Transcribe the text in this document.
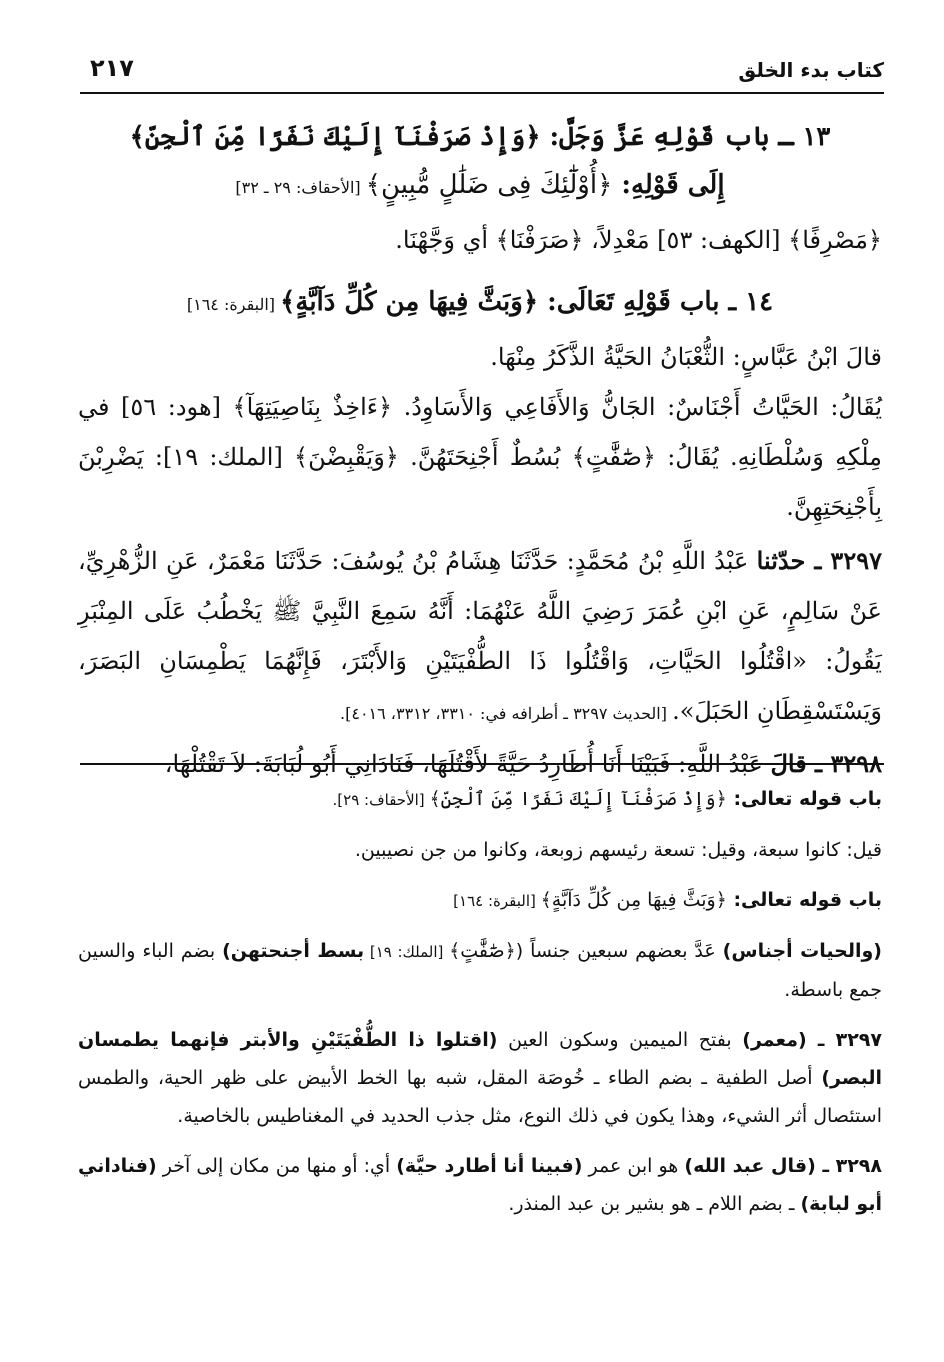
كتاب بدء الخلق
٢١٧

١٣ ـ باب قَوْلِهِ عَزَّ وَجَلَّ: ﴿وَإِذْ صَرَفْنَآ إِلَيْكَ نَفَرًا مِّنَ ٱلْجِنِّ﴾

إِلَى قَوْلِهِ: ﴿أُوْلَٰٓئِكَ فِى ضَلَٰلٍ مُّبِينٍ﴾ [الأحقاف: ٢٩ ـ ٣٢]

﴿مَصْرِفًا﴾ [الكهف: ٥٣] مَعْدِلاً، ﴿صَرَفْنَا﴾ أي وَجَّهْنَا.

١٤ ـ باب قَوْلِهِ تَعَالَى: ﴿وَبَثَّ فِيهَا مِن كُلِّ دَآبَّةٍ﴾ [البقرة: ١٦٤]

قالَ ابْنُ عَبَّاسٍ: الثُّعْبَانُ الحَيَّةُ الذَّكَرُ مِنْهَا.

يُقَالُ: الحَيَّاتُ أَجْنَاسٌ: الجَانُّ وَالأَفَاعِي وَالأَسَاوِدُ. ﴿ءَاخِذٌ بِنَاصِيَتِهَآ﴾ [هود: ٥٦] في مِلْكِهِ وَسُلْطَانِهِ. يُقَالُ: ﴿صَٰٓفَّٰتٍ﴾ بُسُطٌ أَجْنِحَتَهُنَّ. ﴿وَيَقْبِضْنَ﴾ [الملك: ١٩]: يَضْرِبْنَ بِأَجْنِحَتِهِنَّ.

٣٢٩٧ ـ حدّثنا عَبْدُ اللَّهِ بْنُ مُحَمَّدٍ: حَدَّثَنَا هِشَامُ بْنُ يُوسُفَ: حَدَّثَنَا مَعْمَرٌ، عَنِ الزُّهْرِيِّ، عَنْ سَالِمٍ، عَنِ ابْنِ عُمَرَ رَضِيَ اللَّهُ عَنْهُمَا: أَنَّهُ سَمِعَ النَّبِيَّ ﷺ يَخْطُبُ عَلَى المِنْبَرِ يَقُولُ: «اقْتُلُوا الحَيَّاتِ، وَاقْتُلُوا ذَا الطُّفْيَتَيْنِ وَالأَبْتَرَ، فَإِنَّهُمَا يَطْمِسَانِ البَصَرَ، وَيَسْتَسْقِطَانِ الحَبَلَ». [الحديث ٣٢٩٧ ـ أطرافه في: ٣٣١٠، ٣٣١٢، ٤٠١٦].

٣٢٩٨ ـ قالَ عَبْدُ اللَّهِ: فَبَيْنَا أَنَا أُطَارِدُ حَيَّةً لأَقْتُلَهَا، فَنَادَانِي أَبُو لُبَابَةَ: لاَ تَقْتُلْهَا،

باب قوله تعالى: ﴿وَإِذْ صَرَفْنَآ إِلَيْكَ نَفَرًا مِّنَ ٱلْجِنِّ﴾ [الأحقاف: ٢٩].

قيل: كانوا سبعة، وقيل: تسعة رئيسهم زوبعة، وكانوا من جن نصيبين.

باب قوله تعالى: ﴿وَبَثَّ فِيهَا مِن كُلِّ دَآبَّةٍ﴾ [البقرة: ١٦٤]

(والحيات أجناس) عَدَّ بعضهم سبعين جنساً (﴿صَٰٓفَّٰتٍ﴾ [الملك: ١٩] بسط أجنحتهن) بضم الباء والسين جمع باسطة.

٣٢٩٧ ـ (معمر) بفتح الميمين وسكون العين (اقتلوا ذا الطُّفْيَتَيْنِ والأبتر فإنهما يطمسان البصر) أصل الطفية ـ بضم الطاء ـ خُوصَة المقل، شبه بها الخط الأبيض على ظهر الحية، والطمس استئصال أثر الشيء، وهذا يكون في ذلك النوع، مثل جذب الحديد في المغناطيس بالخاصية.

٣٢٩٨ ـ (قال عبد الله) هو ابن عمر (فبينا أنا أطارد حيَّة) أي: أو منها من مكان إلى آخر (فناداني أبو لبابة) ـ بضم اللام ـ هو بشير بن عبد المنذر.
